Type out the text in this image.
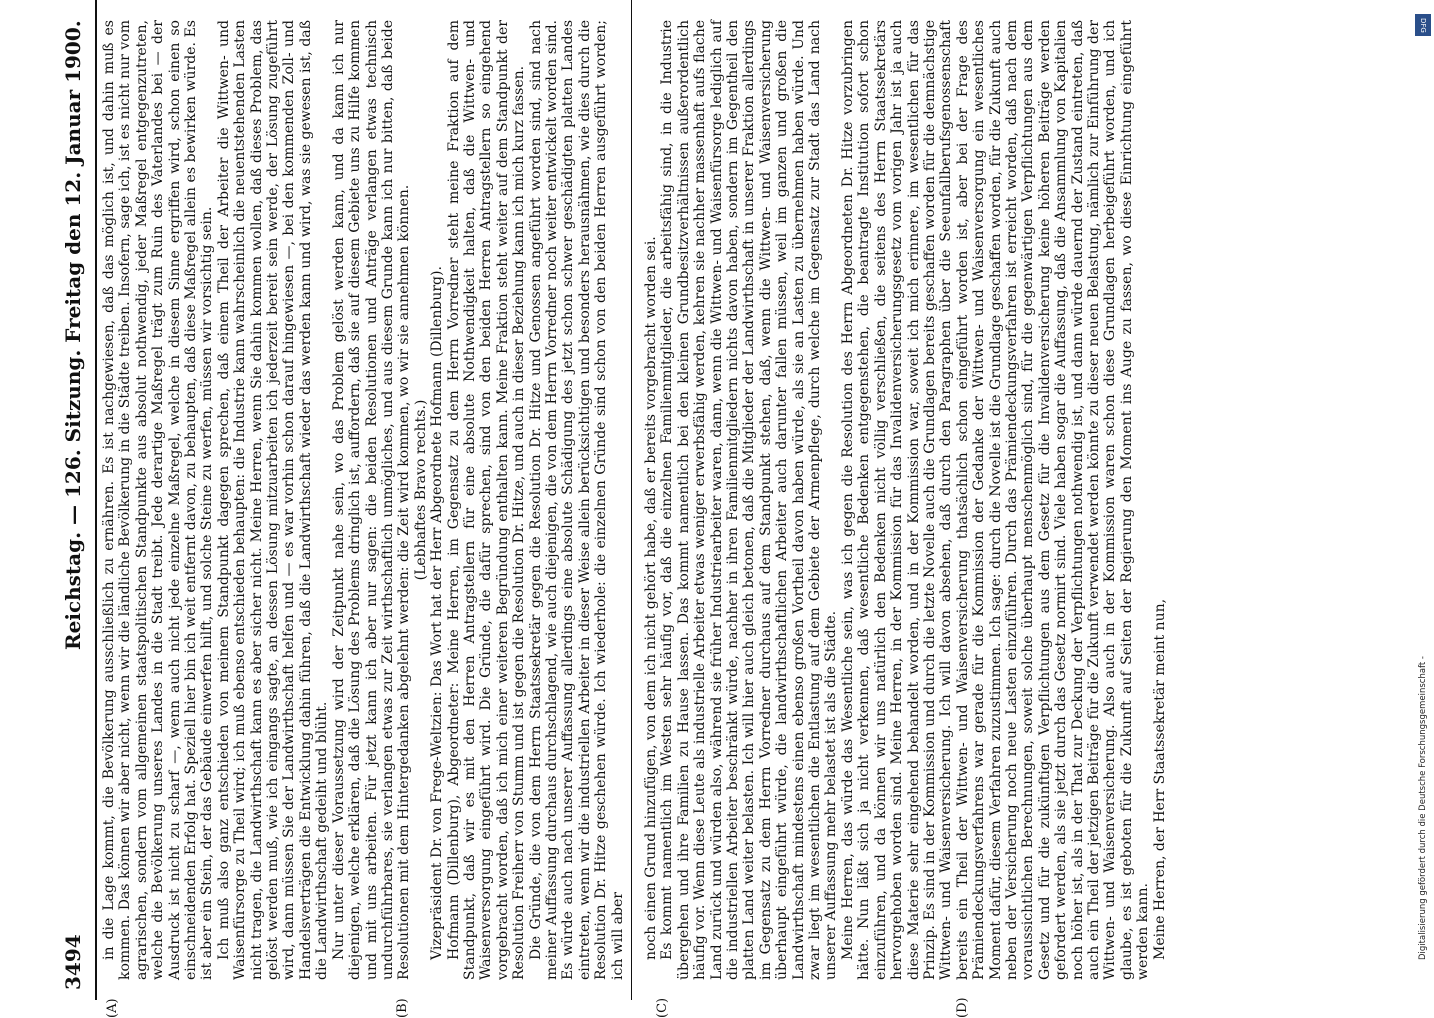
3494
Reichstag. — 126. Sitzung. Freitag den 12. Januar 1900.
(A)	(B)	(C)	(D)

in die Lage kommt, die Bevölkerung ausschließlich zu ernähren. Es ist nachgewiesen, daß das möglich ist, und dahin muß es kommen. Das können wir aber nicht, wenn wir die ländliche Bevölkerung in die Städte treiben. Insofern, sage ich, ist es nicht nur vom agrarischen, sondern vom allgemeinen staatspolitischen Standpunkte aus absolut nothwendig, jeder Maßregel entgegenzutreten, welche die Bevölkerung unseres Landes in die Stadt treibt. Jede derartige Maßregel trägt zum Ruin des Vaterlandes bei — der Ausdruck ist nicht zu scharf —, wenn auch nicht jede einzelne Maßregel, welche in diesem Sinne ergriffen wird, schon einen so einschneidenden Erfolg hat. Speziell hier bin ich weit entfernt davon, zu behaupten, daß diese Maßregel allein es bewirken würde. Es ist aber ein Stein, der das Gebäude einwerfen hilft, und solche Steine zu werfen, müssen wir vorsichtig sein. Ich muß also ganz entschieden von meinem Standpunkt dagegen sprechen, daß einem Theil der Arbeiter die Wittwen- und Waisenfürsorge zu Theil wird; ich muß ebenso entschieden behaupten: die Industrie kann wahrscheinlich die neuentstehenden Lasten nicht tragen, die Landwirthschaft kann es aber sicher nicht. Meine Herren, wenn Sie dahin kommen wollen, daß dieses Problem, das gelöst werden muß, wie ich eingangs sagte, an dessen Lösung mitzuarbeiten ich jederzeit bereit sein werde, der Lösung zugeführt wird, dann müssen Sie der Landwirthschaft helfen und — es war vorhin schon darauf hingewiesen —, bei den kommenden Zoll- und Handelsverträgen die Entwicklung dahin führen, daß die Landwirthschaft wieder das werden kann und wird, was sie gewesen ist, daß die Landwirthschaft gedeiht und blüht. Nur unter dieser Voraussetzung wird der Zeitpunkt nahe sein, wo das Problem gelöst werden kann, und da kann ich nur diejenigen, welche erklären, daß die Lösung des Problems dringlich ist, auffordern, daß sie auf diesem Gebiete uns zu Hilfe kommen und mit uns arbeiten. Für jetzt kann ich aber nur sagen: die beiden Resolutionen und Anträge verlangen etwas technisch undurchführbares, sie verlangen etwas zur Zeit wirthschaftlich unmögliches, und aus diesem Grunde kann ich nur bitten, daß beide Resolutionen mit dem Hintergedanken abgelehnt werden: die Zeit wird kommen, wo wir sie annehmen können. (Lebhaftes Bravo rechts.) Vizepräsident Dr. von Frege-Weltzien: Das Wort hat der Herr Abgeordnete Hofmann (Dillenburg). Hofmann (Dillenburg), Abgeordneter: Meine Herren, im Gegensatz zu dem Herrn Vorredner steht meine Fraktion auf dem Standpunkt, daß wir es mit den Herren Antragstellern für eine absolute Nothwendigkeit halten, daß die Wittwen- und Waisenversorgung eingeführt wird. Die Gründe, die dafür sprechen, sind von den beiden Herren Antragstellern so eingehend vorgebracht worden, daß ich mich einer weiteren Begründung enthalten kann. Meine Fraktion steht weiter auf dem Standpunkt der Resolution Freiherr von Stumm und ist gegen die Resolution Dr. Hitze, und auch in dieser Beziehung kann ich mich kurz fassen. Die Gründe, die von dem Herrn Staatssekretär gegen die Resolution Dr. Hitze und Genossen angeführt worden sind, sind nach meiner Auffassung durchaus durchschlagend, wie auch diejenigen, die von dem Herrn Vorredner noch weiter entwickelt worden sind. Es würde auch nach unserer Auffassung allerdings eine absolute Schädigung des jetzt schon schwer geschädigten platten Landes eintreten, wenn wir die industriellen Arbeiter in dieser Weise allein berücksichtigen und besonders herausnähmen, wie dies durch die Resolution Dr. Hitze geschehen würde. Ich wiederhole: die einzelnen Gründe sind schon von den beiden Herren ausgeführt worden; ich will aber noch einen Grund hinzufügen, von dem ich nicht gehört habe, daß er bereits vorgebracht worden sei. Es kommt namentlich im Westen sehr häufig vor, daß die einzelnen Familienmitglieder, die arbeitsfähig sind, in die Industrie übergehen und ihre Familien zu Hause lassen. Das kommt namentlich bei den kleinen Grundbesitzverhältnissen außerordentlich häufig vor. Wenn diese Leute als industrielle Arbeiter etwas weniger erwerbsfähig werden, kehren sie nachher massenhaft aufs flache Land zurück und würden also, während sie früher Industriearbeiter waren, dann, wenn die Wittwen- und Waisenfürsorge lediglich auf die industriellen Arbeiter beschränkt würde, nachher in ihren Familienmitgliedern nichts davon haben, sondern im Gegentheil den platten Land weiter belasten. Ich will hier auch gleich betonen, daß die Mitglieder der Landwirthschaft in unserer Fraktion allerdings im Gegensatz zu dem Herrn Vorredner durchaus auf dem Standpunkt stehen, daß, wenn die Wittwen- und Waisenversicherung überhaupt eingeführt würde, die landwirthschaftlichen Arbeiter auch darunter fallen müssen, weil im ganzen und großen die Landwirthschaft mindestens einen ebenso großen Vortheil davon haben würde, als sie an Lasten zu übernehmen haben würde. Und zwar liegt im wesentlichen die Entlastung auf dem Gebiete der Armenpflege, durch welche im Gegensatz zur Stadt das Land nach unserer Auffassung mehr belastet ist als die Städte. Meine Herren, das würde das Wesentliche sein, was ich gegen die Resolution des Herrn Abgeordneten Dr. Hitze vorzubringen hätte. Nun läßt sich ja nicht verkennen, daß wesentliche Bedenken entgegenstehen, die beantragte Institution sofort schon einzuführen, und da können wir uns natürlich den Bedenken nicht völlig verschließen, die seitens des Herrn Staatssekretärs hervorgehoben worden sind. Meine Herren, in der Kommission für das Invalidenversicherungsgesetz vom vorigen Jahr ist ja auch diese Materie sehr eingehend behandelt worden, und in der Kommission war, soweit ich mich erinnere, im wesentlichen für das Prinzip. Es sind in der Kommission und durch die letzte Novelle auch die Grundlagen bereits geschaffen worden für die demnächstige Wittwen- und Waisenversicherung. Ich will davon absehen, daß durch den Paragraphen über die Seeunfallberufsgenossenschaft bereits ein Theil der Wittwen- und Waisenversicherung thatsächlich schon eingeführt worden ist, aber bei der Frage des Prämiendeckungsverfahrens war gerade für die Kommission der Gedanke der Wittwen- und Waisenversorgung ein wesentliches Moment dafür, diesem Verfahren zuzustimmen. Ich sage: durch die Novelle ist die Grundlage geschaffen worden, für die Zukunft auch neben der Versicherung noch neue Lasten einzuführen. Durch das Prämiendeckungsverfahren ist erreicht worden, daß nach dem voraussichtlichen Berechnungen, soweit solche überhaupt menschenmöglich sind, für die gegenwärtigen Verpflichtungen aus dem Gesetz und für die zukünftigen Verpflichtungen aus dem Gesetz für die Invalidenversicherung keine höheren Beiträge werden gefordert werden, als sie jetzt durch das Gesetz normirt sind. Viele haben sogar die Auffassung, daß die Ansammlung von Kapitalien noch höher ist, als in der That zur Deckung der Verpflichtungen nothwendig ist, und dann würde dauernd der Zustand eintreten, daß auch ein Theil der jetzigen Beiträge für die Zukunft verwendet werden könnte zu dieser neuen Belastung, nämlich zur Einführung der Wittwen- und Waisenversicherung. Also auch in der Kommission waren schon diese Grundlagen herbeigeführt worden, und ich glaube, es ist geboten für die Zukunft auf Seiten der Regierung den Moment ins Auge zu fassen, wo diese Einrichtung eingeführt werden kann. Meine Herren, der Herr Staatssekretär meint nun,	Digitalisierung gefördert durch die Deutsche Forschungsgemeinschaft -
DFG
